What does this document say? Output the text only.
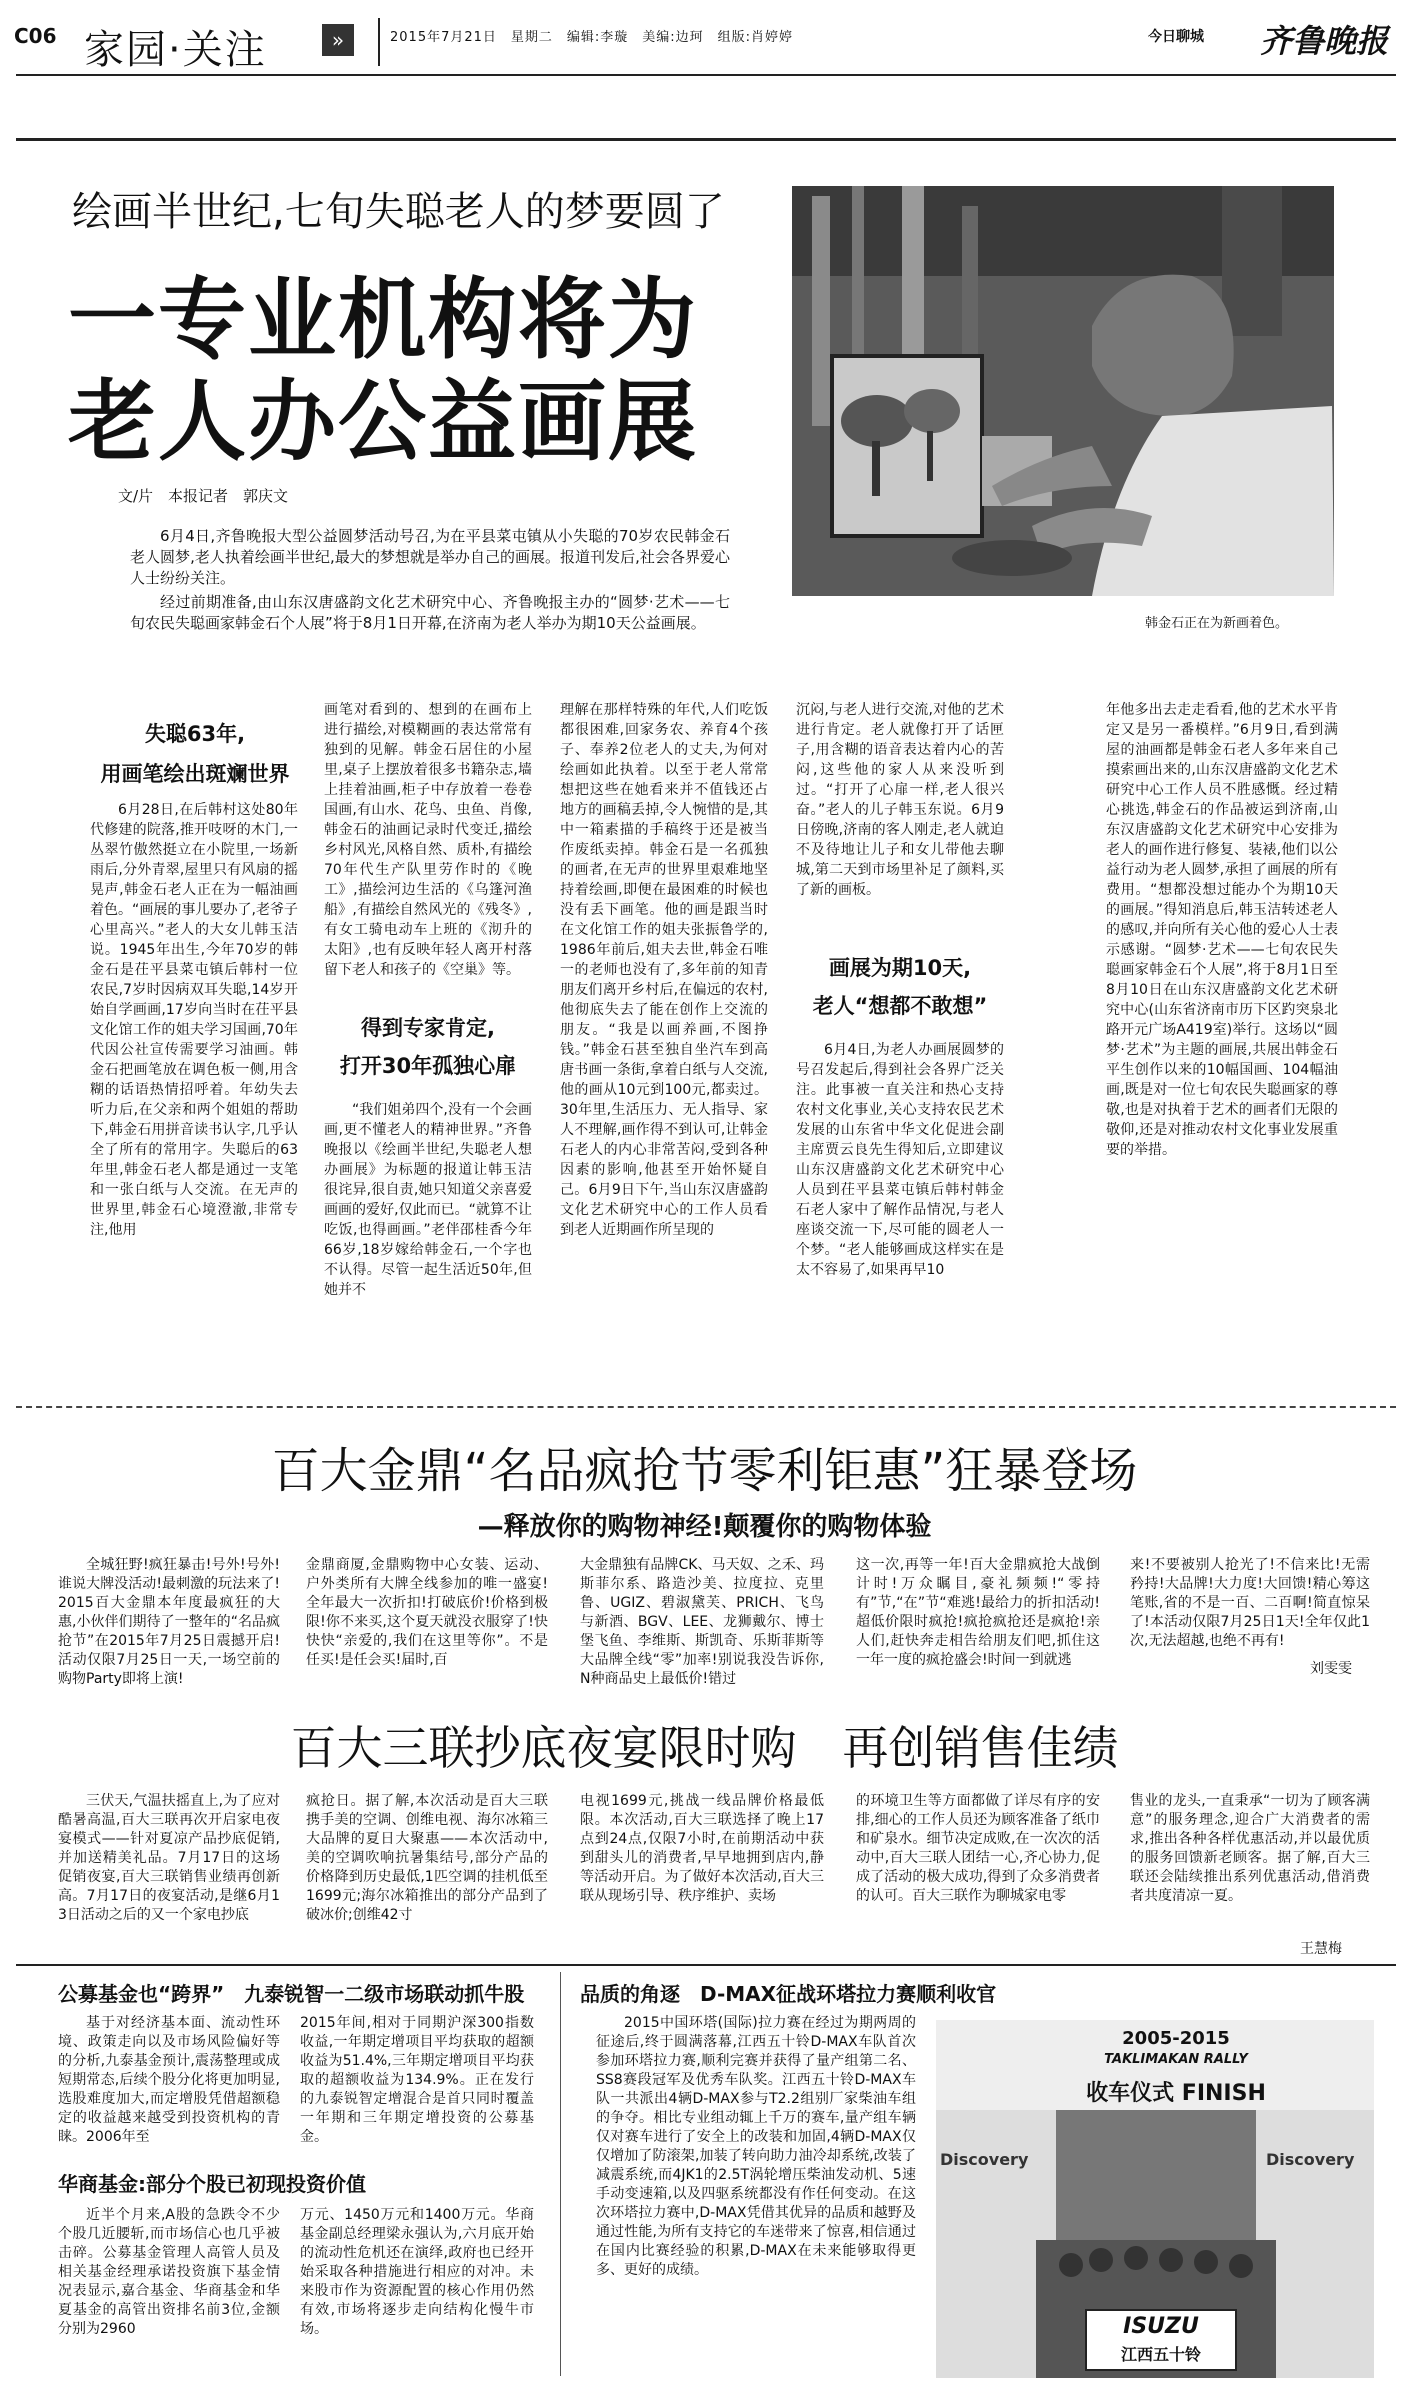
C06 家园·关注	»	2015年7月21日　星期二　编辑:李璇　美编:边珂　组版:肖婷婷	今日聊城 齐鲁晚报
绘画半世纪,七旬失聪老人的梦要圆了
一专业机构将为
老人办公益画展
文/片　本报记者　郭庆文
6月4日,齐鲁晚报大型公益圆梦活动号召,为在平县菜屯镇从小失聪的70岁农民韩金石老人圆梦,老人执着绘画半世纪,最大的梦想就是举办自己的画展。报道刊发后,社会各界爱心人士纷纷关注。
经过前期准备,由山东汉唐盛韵文化艺术研究中心、齐鲁晚报主办的“圆梦·艺术——七旬农民失聪画家韩金石个人展”将于8月1日开幕,在济南为老人举办为期10天公益画展。	韩金石正在为新画着色。
失聪63年,
用画笔绘出斑斓世界
6月28日,在后韩村这处80年代修建的院落,推开吱呀的木门,一丛翠竹傲然挺立在小院里,一场新雨后,分外青翠,屋里只有风扇的摇晃声,韩金石老人正在为一幅油画着色。“画展的事儿要办了,老爷子心里高兴。”老人的大女儿韩玉洁说。1945年出生,今年70岁的韩金石是茌平县菜屯镇后韩村一位农民,7岁时因病双耳失聪,14岁开始自学画画,17岁向当时在茌平县文化馆工作的姐夫学习国画,70年代因公社宣传需要学习油画。韩金石把画笔放在调色板一侧,用含糊的话语热情招呼着。年幼失去听力后,在父亲和两个姐姐的帮助下,韩金石用拼音读书认字,几乎认全了所有的常用字。失聪后的63年里,韩金石老人都是通过一支笔和一张白纸与人交流。在无声的世界里,韩金石心境澄澈,非常专注,他用
画笔对看到的、想到的在画布上进行描绘,对模糊画的表达常常有独到的见解。韩金石居住的小屋里,桌子上摆放着很多书籍杂志,墙上挂着油画,柜子中存放着一卷卷国画,有山水、花鸟、虫鱼、肖像,韩金石的油画记录时代变迁,描绘乡村风光,风格自然、质朴,有描绘70年代生产队里劳作时的《晚工》,描绘河边生活的《乌篷河渔船》,有描绘自然风光的《残冬》,有女工骑电动车上班的《沏升的太阳》,也有反映年轻人离开村落留下老人和孩子的《空巢》等。
得到专家肯定,
打开30年孤独心扉
“我们姐弟四个,没有一个会画画,更不懂老人的精神世界。”齐鲁晚报以《绘画半世纪,失聪老人想办画展》为标题的报道让韩玉洁很诧异,很自责,她只知道父亲喜爱画画的爱好,仅此而已。“就算不让吃饭,也得画画。”老伴邵桂香今年66岁,18岁嫁给韩金石,一个字也不认得。尽管一起生活近50年,但她并不
理解在那样特殊的年代,人们吃饭都很困难,回家务农、养育4个孩子、奉养2位老人的丈夫,为何对绘画如此执着。以至于老人常常想把这些在她看来并不值钱还占地方的画稿丢掉,令人惋惜的是,其中一箱素描的手稿终于还是被当作废纸卖掉。韩金石是一名孤独的画者,在无声的世界里艰难地坚持着绘画,即便在最困难的时候也没有丢下画笔。他的画是跟当时在文化馆工作的姐夫张振鲁学的,1986年前后,姐夫去世,韩金石唯一的老师也没有了,多年前的知青朋友们离开乡村后,在偏远的农村,他彻底失去了能在创作上交流的朋友。“我是以画养画,不图挣钱。”韩金石甚至独自坐汽车到高唐书画一条街,拿着白纸与人交流,他的画从10元到100元,都卖过。30年里,生活压力、无人指导、家人不理解,画作得不到认可,让韩金石老人的内心非常苦闷,受到各种因素的影响,他甚至开始怀疑自己。6月9日下午,当山东汉唐盛韵文化艺术研究中心的工作人员看到老人近期画作所呈现的
沉闷,与老人进行交流,对他的艺术进行肯定。老人就像打开了话匣子,用含糊的语音表达着内心的苦闷,这些他的家人从来没听到过。“打开了心扉一样,老人很兴奋。”老人的儿子韩玉东说。6月9日傍晚,济南的客人刚走,老人就迫不及待地让儿子和女儿带他去聊城,第二天到市场里补足了颜料,买了新的画板。
画展为期10天,
老人“想都不敢想”
6月4日,为老人办画展圆梦的号召发起后,得到社会各界广泛关注。此事被一直关注和热心支持农村文化事业,关心支持农民艺术发展的山东省中华文化促进会副主席贾云良先生得知后,立即建议山东汉唐盛韵文化艺术研究中心人员到茌平县菜屯镇后韩村韩金石老人家中了解作品情况,与老人座谈交流一下,尽可能的圆老人一个梦。“老人能够画成这样实在是太不容易了,如果再早10
年他多出去走走看看,他的艺术水平肯定又是另一番模样。”6月9日,看到满屋的油画都是韩金石老人多年来自己摸索画出来的,山东汉唐盛韵文化艺术研究中心工作人员不胜感慨。经过精心挑选,韩金石的作品被运到济南,山东汉唐盛韵文化艺术研究中心安排为老人的画作进行修复、装裱,他们以公益行动为老人圆梦,承担了画展的所有费用。“想都没想过能办个为期10天的画展。”得知消息后,韩玉洁转述老人的感叹,并向所有关心他的爱心人士表示感谢。“圆梦·艺术——七旬农民失聪画家韩金石个人展”,将于8月1日至8月10日在山东汉唐盛韵文化艺术研究中心(山东省济南市历下区趵突泉北路开元广场A419室)举行。这场以“圆梦·艺术”为主题的画展,共展出韩金石平生创作以来的10幅国画、104幅油画,既是对一位七旬农民失聪画家的尊敬,也是对执着于艺术的画者们无限的敬仰,还是对推动农村文化事业发展重要的举措。
百大金鼎“名品疯抢节零利钜惠”狂暴登场
—释放你的购物神经!颠覆你的购物体验
全城狂野!疯狂暴击!号外!号外!谁说大牌没活动!最刺激的玩法来了!2015百大金鼎本年度最疯狂的大惠,小伙伴们期待了一整年的“名品疯抢节”在2015年7月25日震撼开启!活动仅限7月25日一天,一场空前的购物Party即将上演!
金鼎商厦,金鼎购物中心女装、运动、户外类所有大牌全线参加的唯一盛宴!全年最大一次折扣!打破底价!价格到极限!你不来买,这个夏天就没衣服穿了!快快快“亲爱的,我们在这里等你”。不是任买!是任会买!届时,百
大金鼎独有品牌CK、马天奴、之禾、玛斯菲尔系、路造沙美、拉度拉、克里鲁、UGIZ、碧淑黛芙、PRICH、飞鸟与新酒、BGV、LEE、龙狮戴尔、博士堡飞鱼、李维斯、斯凯奇、乐斯菲斯等大品牌全线“零”加率!别说我没告诉你,N种商品史上最低价!错过
这一次,再等一年!百大金鼎疯抢大战倒计时!万众瞩目,豪礼频频!“零持有”节,“在”节“难逃!最给力的折扣活动!超低价限时疯抢!疯抢疯抢还是疯抢!亲人们,赶快奔走相告给朋友们吧,抓住这一年一度的疯抢盛会!时间一到就逃
来!不要被别人抢光了!不信来比!无需矜持!大品牌!大力度!大回馈!精心筹这笔账,省的不是一百、二百啊!简直惊呆了!本活动仅限7月25日1天!全年仅此1次,无法超越,也绝不再有!
刘雯雯
百大三联抄底夜宴限时购　再创销售佳绩
三伏天,气温扶摇直上,为了应对酷暑高温,百大三联再次开启家电夜宴模式——针对夏凉产品抄底促销,并加送精美礼品。7月17日的这场促销夜宴,百大三联销售业绩再创新高。7月17日的夜宴活动,是继6月13日活动之后的又一个家电抄底
疯抢日。据了解,本次活动是百大三联携手美的空调、创维电视、海尔冰箱三大品牌的夏日大聚惠——本次活动中,美的空调吹响抗暑集结号,部分产品的价格降到历史最低,1匹空调的挂机低至1699元;海尔冰箱推出的部分产品到了破冰价;创维42寸
电视1699元,挑战一线品牌价格最低限。本次活动,百大三联选择了晚上17点到24点,仅限7小时,在前期活动中获到甜头儿的消费者,早早地拥到店内,静等活动开启。为了做好本次活动,百大三联从现场引导、秩序维护、卖场
的环境卫生等方面都做了详尽有序的安排,细心的工作人员还为顾客准备了纸巾和矿泉水。细节决定成败,在一次次的活动中,百大三联人团结一心,齐心协力,促成了活动的极大成功,得到了众多消费者的认可。百大三联作为聊城家电零
售业的龙头,一直秉承“一切为了顾客满意”的服务理念,迎合广大消费者的需求,推出各种各样优惠活动,并以最优质的服务回馈新老顾客。据了解,百大三联还会陆续推出系列优惠活动,借消费者共度清凉一夏。
王慧梅
公募基金也“跨界”　九泰锐智一二级市场联动抓牛股
基于对经济基本面、流动性环境、政策走向以及市场风险偏好等的分析,九泰基金预计,震荡整理或成短期常态,后续个股分化将更加明显,选股难度加大,而定增股凭借超额稳定的收益越来越受到投资机构的青睐。2006年至
2015年间,相对于同期沪深300指数收益,一年期定增项目平均获取的超额收益为51.4%,三年期定增项目平均获取的超额收益为134.9%。正在发行的九泰锐智定增混合是首只同时覆盖一年期和三年期定增投资的公募基金。
华商基金:部分个股已初现投资价值
近半个月来,A股的急跌令不少个股几近腰斩,而市场信心也几乎被击碎。公募基金管理人高管人员及相关基金经理承诺投资旗下基金情况表显示,嘉合基金、华商基金和华夏基金的高管出资排名前3位,金额分别为2960
万元、1450万元和1400万元。华商基金副总经理梁永强认为,六月底开始的流动性危机还在演绎,政府也已经开始采取各种措施进行相应的对冲。未来股市作为资源配置的核心作用仍然有效,市场将逐步走向结构化慢牛市场。
品质的角逐　D-MAX征战环塔拉力赛顺利收官
2015中国环塔(国际)拉力赛在经过为期两周的征途后,终于圆满落幕,江西五十铃D-MAX车队首次参加环塔拉力赛,顺利完赛并获得了量产组第二名、SS8赛段冠军及优秀车队奖。江西五十铃D-MAX车队一共派出4辆D-MAX参与T2.2组别厂家柴油车组的争夺。相比专业组动辄上千万的赛车,量产组车辆仅对赛车进行了安全上的改装和加固,4辆D-MAX仅仅增加了防滚架,加装了转向助力油冷却系统,改装了减震系统,而4JK1的2.5T涡轮增压柴油发动机、5速手动变速箱,以及四驱系统都没有作任何变动。在这次环塔拉力赛中,D-MAX凭借其优异的品质和越野及通过性能,为所有支持它的车迷带来了惊喜,相信通过在国内比赛经验的积累,D-MAX在未来能够取得更多、更好的成绩。
2005-2015
TAKLIMAKAN RALLY
收车仪式 FINISH
Discovery	Discovery
ISUZU
江西五十铃
